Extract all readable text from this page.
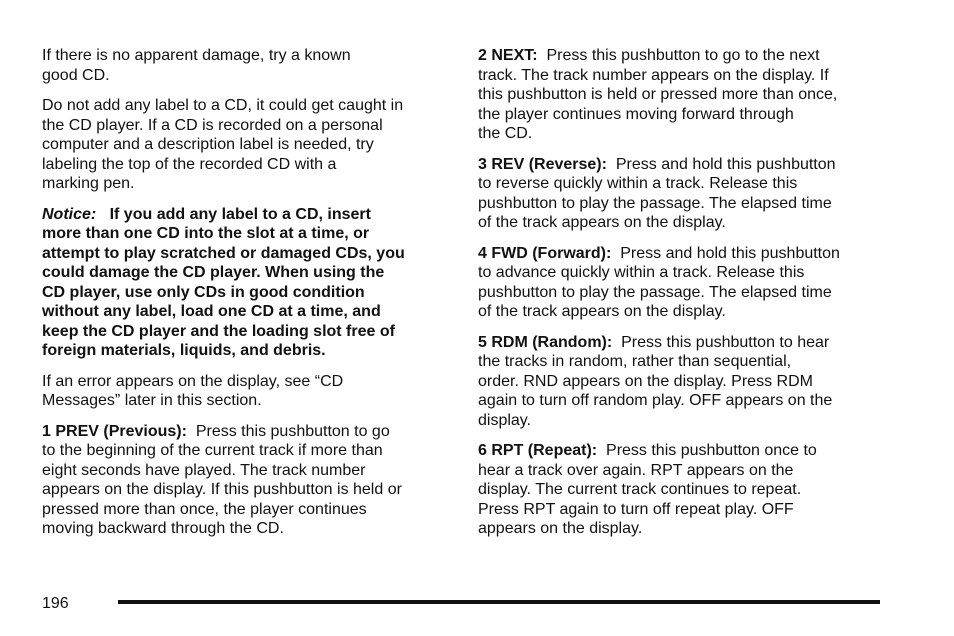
If there is no apparent damage, try a known
good CD.

Do not add any label to a CD, it could get caught in
the CD player. If a CD is recorded on a personal
computer and a description label is needed, try
labeling the top of the recorded CD with a
marking pen.

Notice: If you add any label to a CD, insert
more than one CD into the slot at a time, or
attempt to play scratched or damaged CDs, you
could damage the CD player. When using the
CD player, use only CDs in good condition
without any label, load one CD at a time, and
keep the CD player and the loading slot free of
foreign materials, liquids, and debris.

If an error appears on the display, see “CD
Messages” later in this section.

1 PREV (Previous): Press this pushbutton to go
to the beginning of the current track if more than
eight seconds have played. The track number
appears on the display. If this pushbutton is held or
pressed more than once, the player continues
moving backward through the CD.

2 NEXT: Press this pushbutton to go to the next
track. The track number appears on the display. If
this pushbutton is held or pressed more than once,
the player continues moving forward through
the CD.

3 REV (Reverse): Press and hold this pushbutton
to reverse quickly within a track. Release this
pushbutton to play the passage. The elapsed time
of the track appears on the display.

4 FWD (Forward): Press and hold this pushbutton
to advance quickly within a track. Release this
pushbutton to play the passage. The elapsed time
of the track appears on the display.

5 RDM (Random): Press this pushbutton to hear
the tracks in random, rather than sequential,
order. RND appears on the display. Press RDM
again to turn off random play. OFF appears on the
display.

6 RPT (Repeat): Press this pushbutton once to
hear a track over again. RPT appears on the
display. The current track continues to repeat.
Press RPT again to turn off repeat play. OFF
appears on the display.

196
